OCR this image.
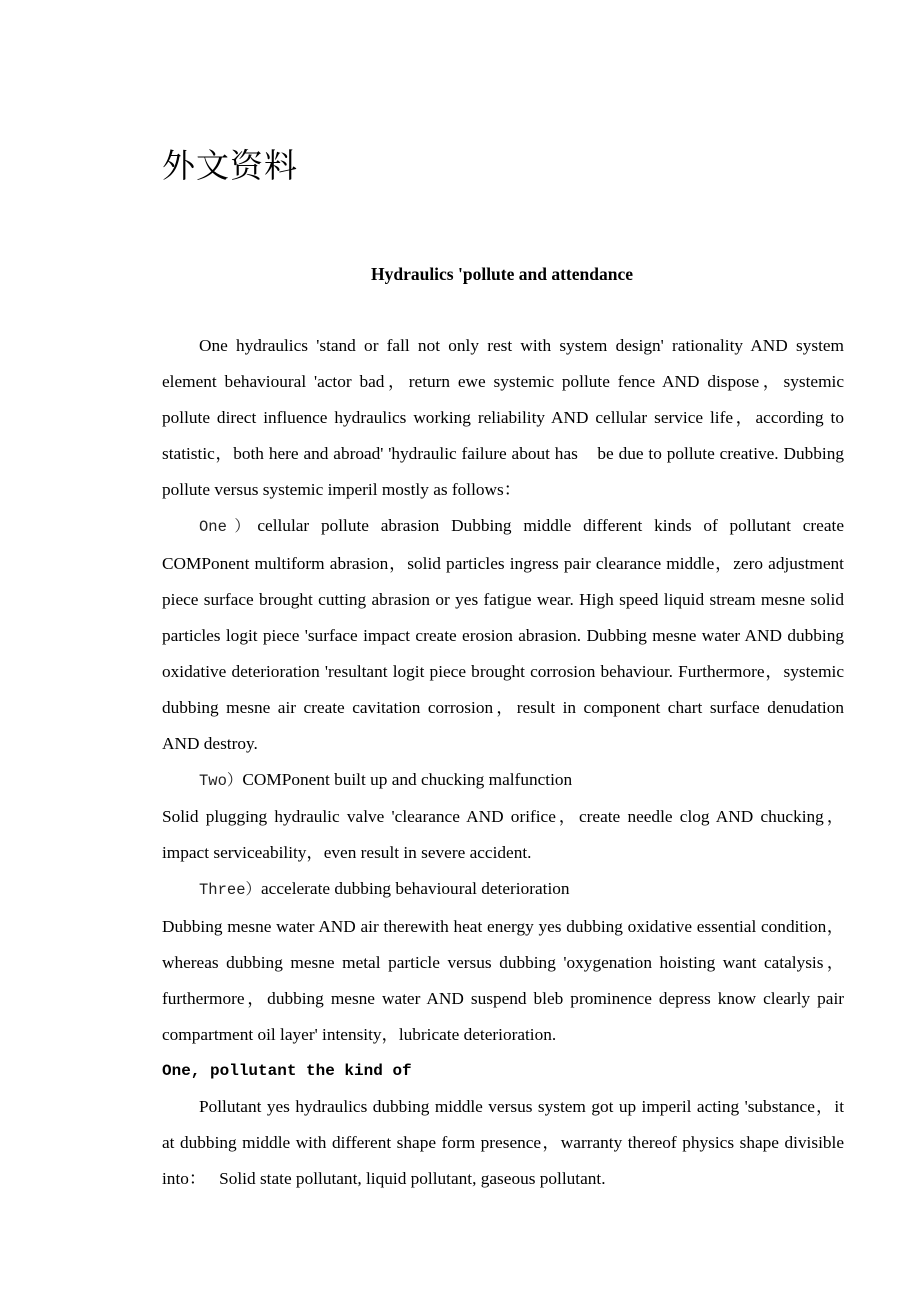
外文资料
Hydraulics 'pollute and attendance

One hydraulics 'stand or fall not only rest with system design' rationality AND system element behavioural 'actor bad，return ewe systemic pollute fence AND dispose，systemic pollute direct influence hydraulics working reliability AND cellular service life，according to statistic，both here and abroad' 'hydraulic failure about has    be due to pollute creative. Dubbing pollute versus systemic imperil mostly as follows：

One）cellular pollute abrasion Dubbing middle different kinds of pollutant create COMPonent multiform abrasion，solid particles ingress pair clearance middle，zero adjustment piece surface brought cutting abrasion or yes fatigue wear. High speed liquid stream mesne solid particles logit piece 'surface impact create erosion abrasion. Dubbing mesne water AND dubbing oxidative deterioration 'resultant logit piece brought corrosion behaviour. Furthermore，systemic dubbing mesne air create cavitation corrosion，result in component chart surface denudation AND destroy.

Two）COMPonent built up and chucking malfunction

Solid plugging hydraulic valve 'clearance AND orifice，create needle clog AND chucking，impact serviceability，even result in severe accident.

Three）accelerate dubbing behavioural deterioration

Dubbing mesne water AND air therewith heat energy yes dubbing oxidative essential condition，whereas dubbing mesne metal particle versus dubbing 'oxygenation hoisting want catalysis，furthermore，dubbing mesne water AND suspend bleb prominence depress know clearly pair compartment oil layer' intensity，lubricate deterioration.

One, pollutant the kind of

Pollutant yes hydraulics dubbing middle versus system got up imperil acting 'substance，it at dubbing middle with different shape form presence，warranty thereof physics shape divisible into：   Solid state pollutant, liquid pollutant, gaseous pollutant.
